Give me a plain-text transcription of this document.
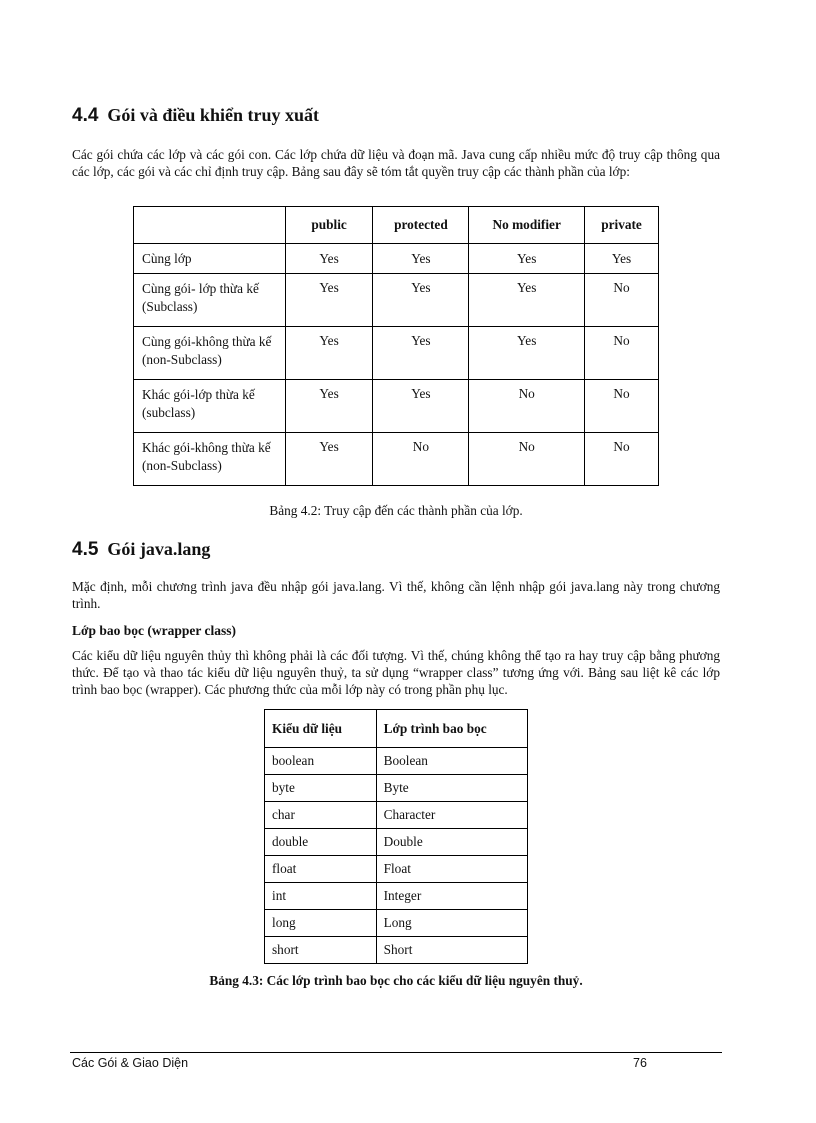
4.4 Gói và điều khiển truy xuất

Các gói chứa các lớp và các gói con. Các lớp chứa dữ liệu và đoạn mã. Java cung cấp nhiều mức độ truy cập thông qua các lớp, các gói và các chỉ định truy cập. Bảng sau đây sẽ tóm tắt quyền truy cập các thành phần của lớp:

	public	protected	No modifier	private
Cùng lớp	Yes	Yes	Yes	Yes
Cùng gói- lớp thừa kế (Subclass)	Yes	Yes	Yes	No
Cùng gói-không thừa kế (non-Subclass)	Yes	Yes	Yes	No
Khác gói-lớp thừa kế (subclass)	Yes	Yes	No	No
Khác gói-không thừa kế (non-Subclass)	Yes	No	No	No

Bảng 4.2: Truy cập đến các thành phần của lớp.

4.5 Gói java.lang

Mặc định, mỗi chương trình java đều nhập gói java.lang. Vì thế, không cần lệnh nhập gói java.lang này trong chương trình.

Lớp bao bọc (wrapper class)

Các kiểu dữ liệu nguyên thủy thì không phải là các đối tượng. Vì thế, chúng không thể tạo ra hay truy cập bằng phương thức. Để tạo và thao tác kiểu dữ liệu nguyên thuỷ, ta sử dụng “wrapper class” tương ứng với. Bảng sau liệt kê các lớp trình bao bọc (wrapper). Các phương thức của mỗi lớp này có trong phần phụ lục.

Kiểu dữ liệu	Lớp trình bao bọc
boolean	Boolean
byte	Byte
char	Character
double	Double
float	Float
int	Integer
long	Long
short	Short

Bảng 4.3: Các lớp trình bao bọc cho các kiểu dữ liệu nguyên thuỷ.

Các Gói & Giao Diện	76
